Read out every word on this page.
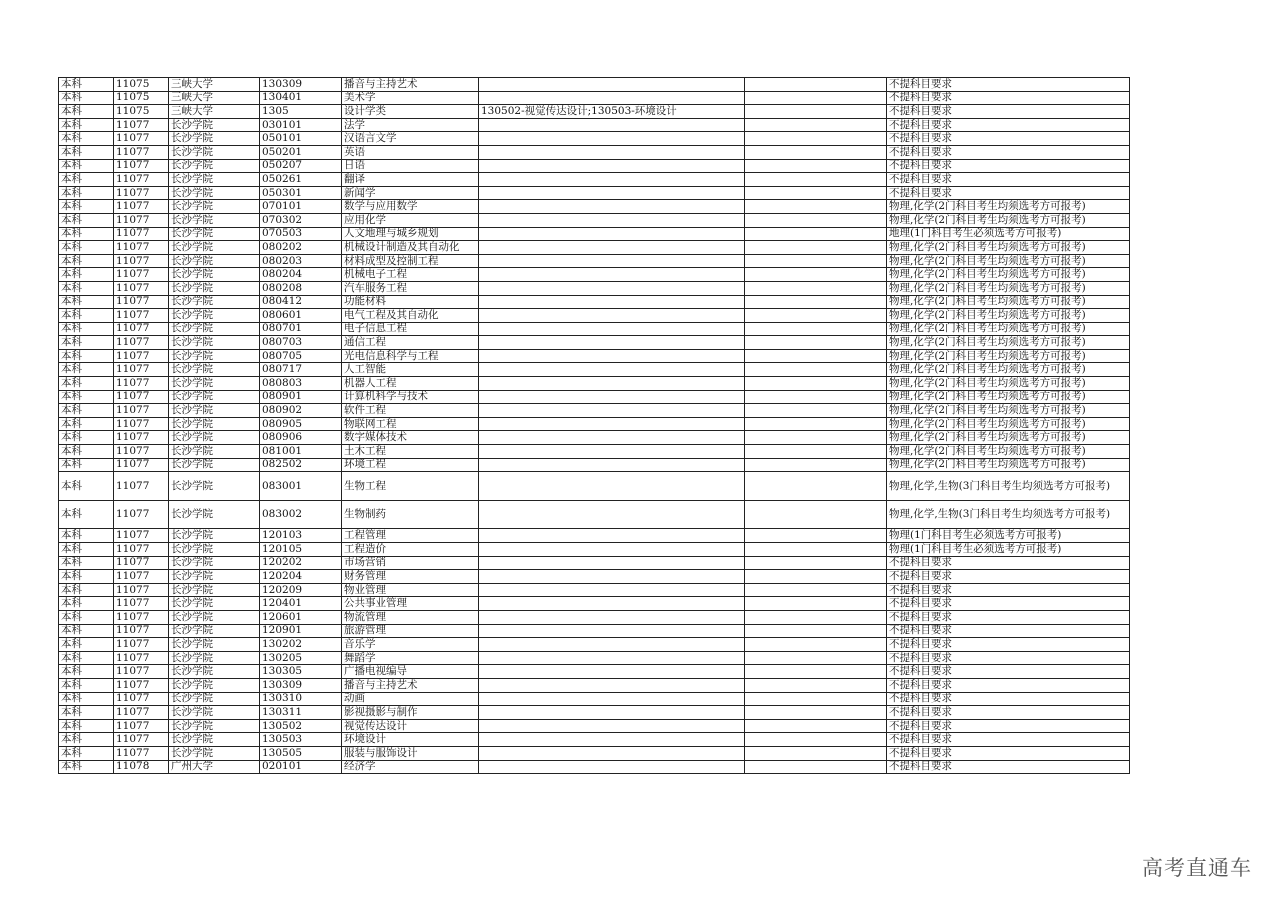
本科	11075	三峡大学	130309	播音与主持艺术			不提科目要求
本科	11075	三峡大学	130401	美术学			不提科目要求
本科	11075	三峡大学	1305	设计学类	130502-视觉传达设计;130503-环境设计		不提科目要求
本科	11077	长沙学院	030101	法学			不提科目要求
本科	11077	长沙学院	050101	汉语言文学			不提科目要求
本科	11077	长沙学院	050201	英语			不提科目要求
本科	11077	长沙学院	050207	日语			不提科目要求
本科	11077	长沙学院	050261	翻译			不提科目要求
本科	11077	长沙学院	050301	新闻学			不提科目要求
本科	11077	长沙学院	070101	数学与应用数学			物理,化学(2门科目考生均须选考方可报考)
本科	11077	长沙学院	070302	应用化学			物理,化学(2门科目考生均须选考方可报考)
本科	11077	长沙学院	070503	人文地理与城乡规划			地理(1门科目考生必须选考方可报考)
本科	11077	长沙学院	080202	机械设计制造及其自动化			物理,化学(2门科目考生均须选考方可报考)
本科	11077	长沙学院	080203	材料成型及控制工程			物理,化学(2门科目考生均须选考方可报考)
本科	11077	长沙学院	080204	机械电子工程			物理,化学(2门科目考生均须选考方可报考)
本科	11077	长沙学院	080208	汽车服务工程			物理,化学(2门科目考生均须选考方可报考)
本科	11077	长沙学院	080412	功能材料			物理,化学(2门科目考生均须选考方可报考)
本科	11077	长沙学院	080601	电气工程及其自动化			物理,化学(2门科目考生均须选考方可报考)
本科	11077	长沙学院	080701	电子信息工程			物理,化学(2门科目考生均须选考方可报考)
本科	11077	长沙学院	080703	通信工程			物理,化学(2门科目考生均须选考方可报考)
本科	11077	长沙学院	080705	光电信息科学与工程			物理,化学(2门科目考生均须选考方可报考)
本科	11077	长沙学院	080717	人工智能			物理,化学(2门科目考生均须选考方可报考)
本科	11077	长沙学院	080803	机器人工程			物理,化学(2门科目考生均须选考方可报考)
本科	11077	长沙学院	080901	计算机科学与技术			物理,化学(2门科目考生均须选考方可报考)
本科	11077	长沙学院	080902	软件工程			物理,化学(2门科目考生均须选考方可报考)
本科	11077	长沙学院	080905	物联网工程			物理,化学(2门科目考生均须选考方可报考)
本科	11077	长沙学院	080906	数字媒体技术			物理,化学(2门科目考生均须选考方可报考)
本科	11077	长沙学院	081001	土木工程			物理,化学(2门科目考生均须选考方可报考)
本科	11077	长沙学院	082502	环境工程			物理,化学(2门科目考生均须选考方可报考)
本科	11077	长沙学院	083001	生物工程			物理,化学,生物(3门科目考生均须选考方可报考)
本科	11077	长沙学院	083002	生物制药			物理,化学,生物(3门科目考生均须选考方可报考)
本科	11077	长沙学院	120103	工程管理			物理(1门科目考生必须选考方可报考)
本科	11077	长沙学院	120105	工程造价			物理(1门科目考生必须选考方可报考)
本科	11077	长沙学院	120202	市场营销			不提科目要求
本科	11077	长沙学院	120204	财务管理			不提科目要求
本科	11077	长沙学院	120209	物业管理			不提科目要求
本科	11077	长沙学院	120401	公共事业管理			不提科目要求
本科	11077	长沙学院	120601	物流管理			不提科目要求
本科	11077	长沙学院	120901	旅游管理			不提科目要求
本科	11077	长沙学院	130202	音乐学			不提科目要求
本科	11077	长沙学院	130205	舞蹈学			不提科目要求
本科	11077	长沙学院	130305	广播电视编导			不提科目要求
本科	11077	长沙学院	130309	播音与主持艺术			不提科目要求
本科	11077	长沙学院	130310	动画			不提科目要求
本科	11077	长沙学院	130311	影视摄影与制作			不提科目要求
本科	11077	长沙学院	130502	视觉传达设计			不提科目要求
本科	11077	长沙学院	130503	环境设计			不提科目要求
本科	11077	长沙学院	130505	服装与服饰设计			不提科目要求
本科	11078	广州大学	020101	经济学			不提科目要求
高考直通车
